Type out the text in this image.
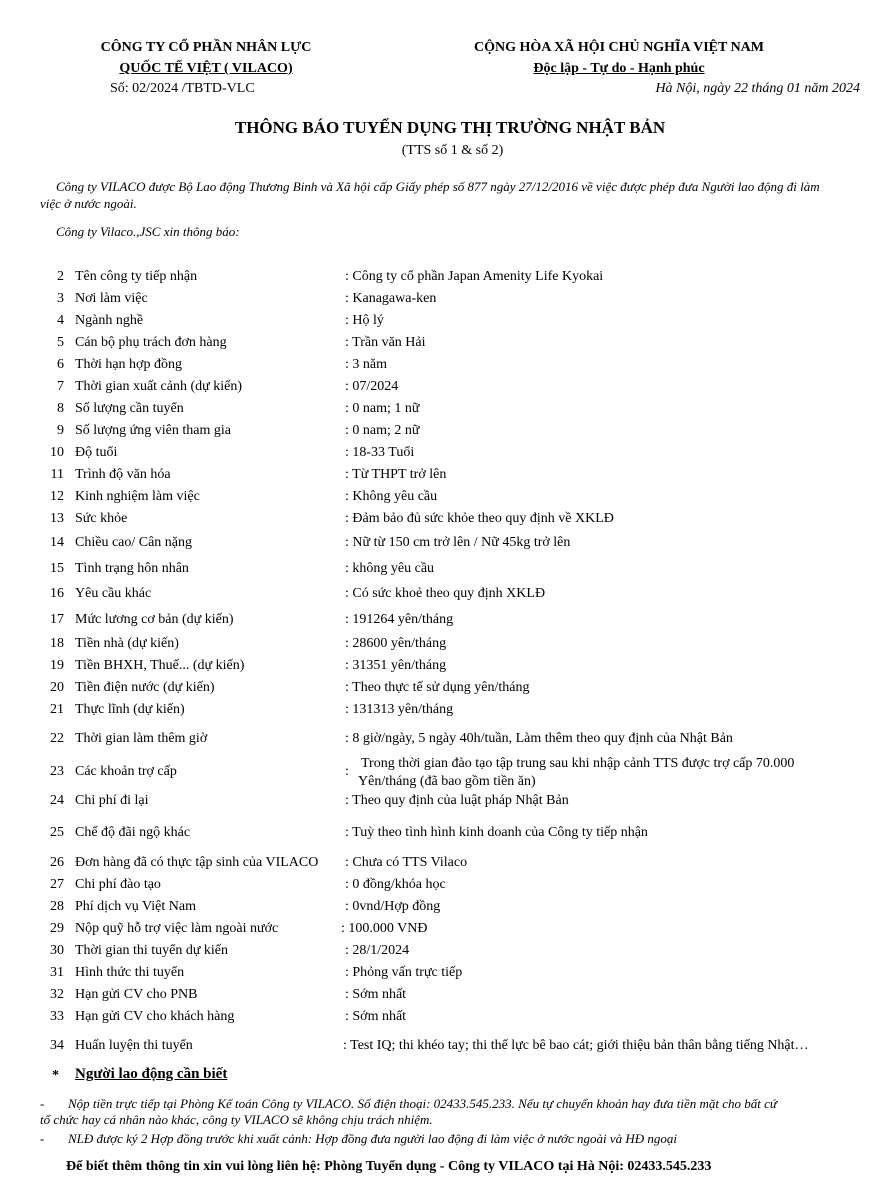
CÔNG TY CỔ PHẦN NHÂN LỰC
QUỐC TẾ VIỆT ( VILACO)
Số: 02/2024 /TBTD-VLC
CỘNG HÒA XÃ HỘI CHỦ NGHĨA VIỆT NAM
Độc lập - Tự do - Hạnh phúc
Hà Nội, ngày 22 tháng 01 năm 2024
THÔNG BÁO TUYỂN DỤNG THỊ TRƯỜNG NHẬT BẢN
(TTS số 1 & số 2)
Công ty VILACO được Bộ Lao động Thương Binh và Xã hội cấp Giấy phép số 877 ngày 27/12/2016 về việc được phép đưa Người lao động đi làm
việc ở nước ngoài.
Công ty Vilaco.,JSC xin thông báo:
2 Tên công ty tiếp nhận	: Công ty cổ phần Japan Amenity Life Kyokai
3 Nơi làm việc	: Kanagawa-ken
4 Ngành nghề	: Hộ lý
5 Cán bộ phụ trách đơn hàng	: Trần văn Hải
6 Thời hạn hợp đồng	: 3 năm
7 Thời gian xuất cảnh (dự kiến)	: 07/2024
8 Số lượng cần tuyển	: 0 nam; 1 nữ
9 Số lượng ứng viên tham gia	: 0 nam; 2 nữ
10 Độ tuổi	: 18-33 Tuổi
11 Trình độ văn hóa	: Từ THPT trở lên
12 Kinh nghiệm làm việc	: Không yêu cầu
13 Sức khỏe	: Đảm bảo đủ sức khỏe theo quy định về XKLĐ
14 Chiều cao/ Cân nặng	: Nữ từ 150 cm trở lên / Nữ 45kg trở lên
15 Tình trạng hôn nhân	: không yêu cầu
16 Yêu cầu khác	: Có sức khoẻ theo quy định XKLĐ
17 Mức lương cơ bản (dự kiến)	: 191264 yên/tháng
18 Tiền nhà (dự kiến)	: 28600 yên/tháng
19 Tiền BHXH, Thuế... (dự kiến)	: 31351 yên/tháng
20 Tiền điện nước (dự kiến)	: Theo thực tế sử dụng yên/tháng
21 Thực lĩnh (dự kiến)	: 131313 yên/tháng
22 Thời gian làm thêm giờ	: 8 giờ/ngày, 5 ngày 40h/tuần, Làm thêm theo quy định của Nhật Bản
23 Các khoản trợ cấp	:
Trong thời gian đào tạo tập trung sau khi nhập cảnh TTS được trợ cấp 70.000
Yên/tháng (đã bao gồm tiền ăn)
24 Chi phí đi lại	: Theo quy định của luật pháp Nhật Bản
25 Chế độ đãi ngộ khác	: Tuỳ theo tình hình kinh doanh của Công ty tiếp nhận
26 Đơn hàng đã có thực tập sinh của VILACO : Chưa có TTS Vilaco
27 Chi phí đào tạo	: 0 đồng/khóa học
28 Phí dịch vụ Việt Nam	: 0vnd/Hợp đồng
29 Nộp quỹ hỗ trợ việc làm ngoài nước	: 100.000 VNĐ
30 Thời gian thi tuyển dự kiến	: 28/1/2024
31 Hình thức thi tuyển	: Phỏng vấn trực tiếp
32 Hạn gửi CV cho PNB	: Sớm nhất
33 Hạn gửi CV cho khách hàng	: Sớm nhất
34 Huấn luyện thi tuyển	: Test IQ; thi khéo tay; thi thể lực bê bao cát; giới thiệu bản thân bằng tiếng Nhật…
* Người lao động cần biết
- Nộp tiền trực tiếp tại Phòng Kế toán Công ty VILACO. Số điện thoại: 02433.545.233. Nếu tự chuyển khoản hay đưa tiền mặt cho bất cứ
tổ chức hay cá nhân nào khác, công ty VILACO sẽ không chịu trách nhiệm.
- NLĐ được ký 2 Hợp đồng trước khi xuất cảnh: Hợp đồng đưa người lao động đi làm việc ở nước ngoài và HĐ ngoại
Để biết thêm thông tin xin vui lòng liên hệ: Phòng Tuyển dụng - Công ty VILACO tại Hà Nội: 02433.545.233
